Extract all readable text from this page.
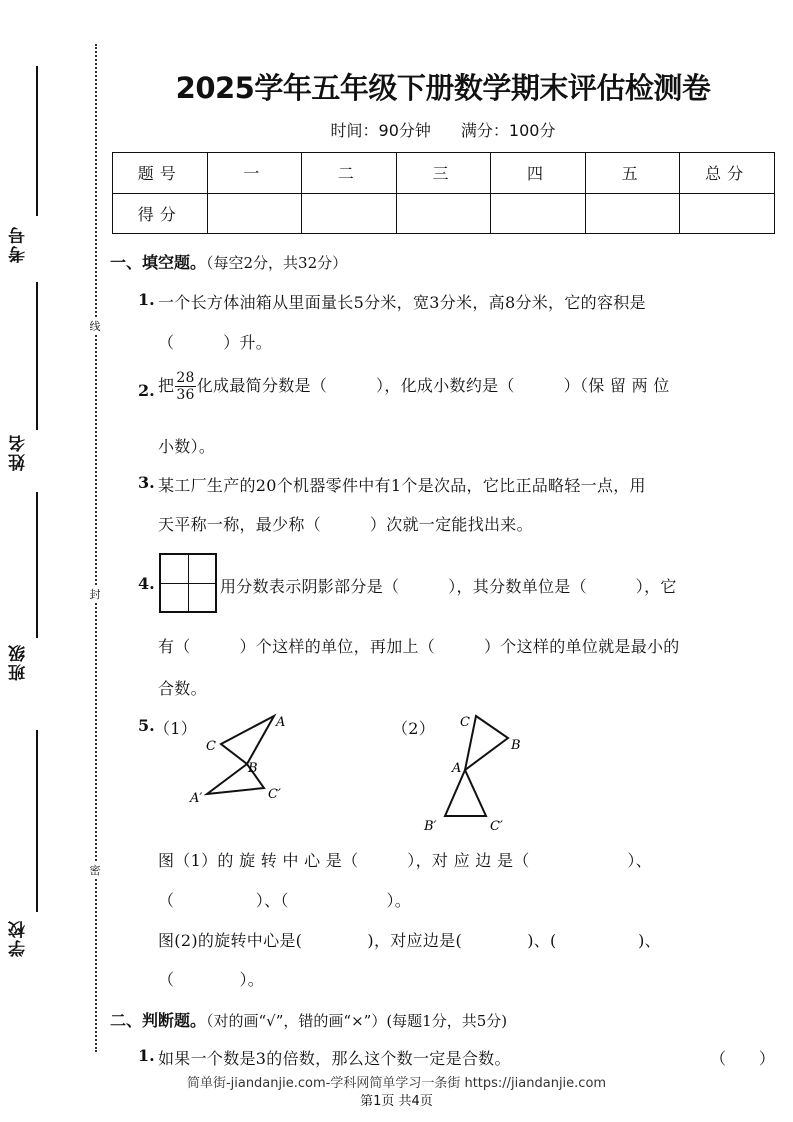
考号
姓名
班级
学校
线
封
密
2025学年五年级下册数学期末评估检测卷
时间：90分钟 满分：100分
题号	一	二	三	四	五	总分
得分						
一、填空题。（每空2分，共32分）
1. 一个长方体油箱从里面量长5分米，宽3分米，高8分米，它的容积是
（　　　）升。
2. 把 $\frac{28}{36}$ 化成最简分数是（　　　），化成小数约是（　　　）（保 留 两 位
小数）。
3. 某工厂生产的20个机器零件中有1个是次品，它比正品略轻一点，用
天平称一称，最少称（　　　）次就一定能找出来。
4.	用分数表示阴影部分是（　　　），其分数单位是（　　　），它
有（　　　）个这样的单位，再加上（　　　）个这样的单位就是最小的
合数。
5. （1）	（2）
A
C
B
A′	C′
C
B
A
B′	C′
图（1）的 旋 转 中 心 是（　　　），对 应 边 是（　　　　　　）、
（　　　　　）、（　　　　　　）。
图(2)的旋转中心是(　　　　)，对应边是(　　　　)、(　　　　　)、
（　　　　）。
二、判断题。（对的画“√”，错的画“×”）(每题1分，共5分)
1. 如果一个数是3的倍数，那么这个数一定是合数。	（　　）
简单街-jiandanjie.com-学科网简单学习一条街 https://jiandanjie.com
第1页 共4页
